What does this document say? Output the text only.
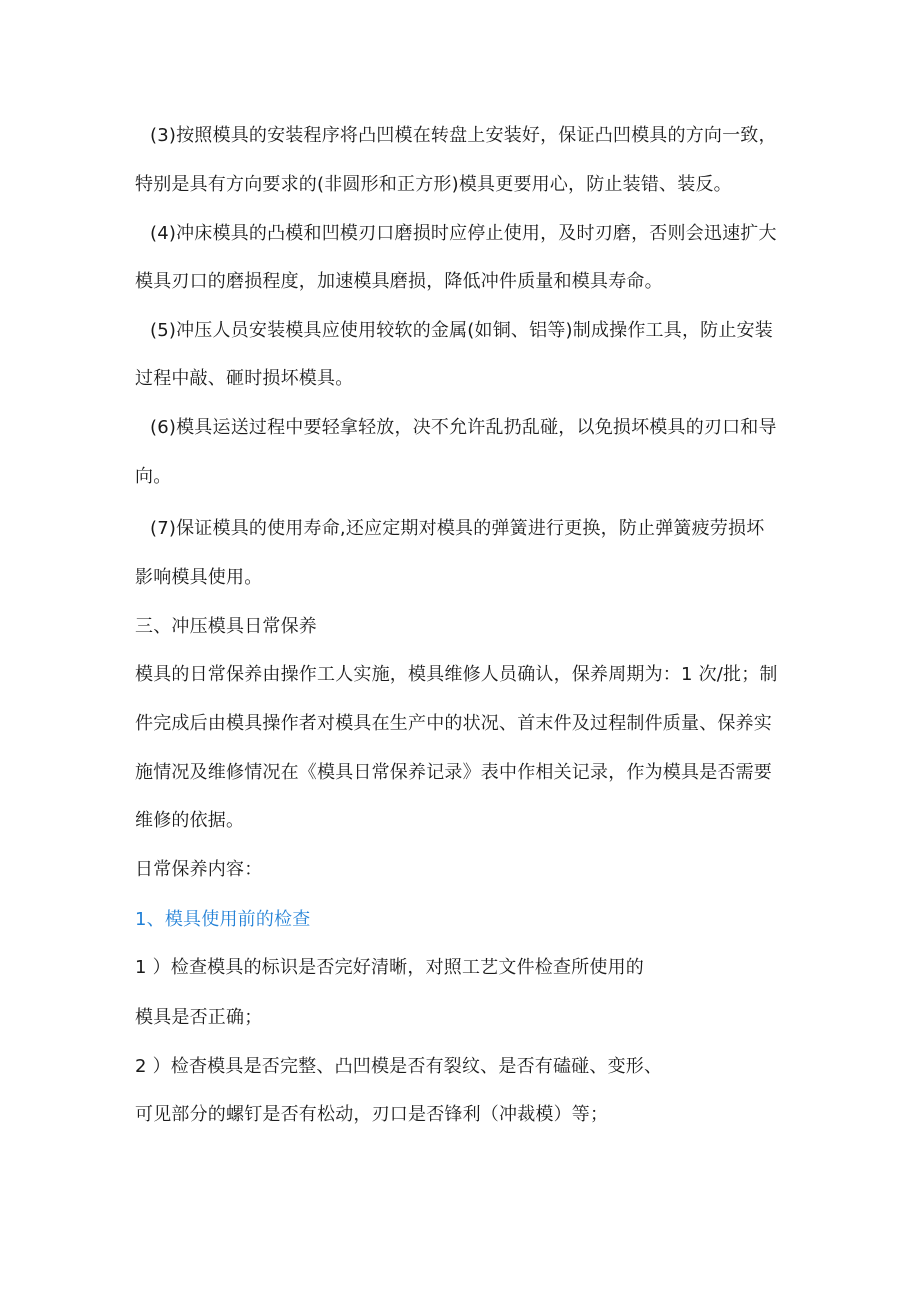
(3)按照模具的安装程序将凸凹模在转盘上安装好，保证凸凹模具的方向一致，
特别是具有方向要求的(非圆形和正方形)模具更要用心，防止装错、装反。
(4)冲床模具的凸模和凹模刃口磨损时应停止使用，及时刃磨，否则会迅速扩大
模具刃口的磨损程度，加速模具磨损，降低冲件质量和模具寿命。
(5)冲压人员安装模具应使用较软的金属(如铜、铝等)制成操作工具，防止安装
过程中敲、砸时损坏模具。
(6)模具运送过程中要轻拿轻放，决不允许乱扔乱碰，以免损坏模具的刃口和导
向。
(7)保证模具的使用寿命,还应定期对模具的弹簧进行更换，防止弹簧疲劳损坏
影响模具使用。
三、冲压模具日常保养
模具的日常保养由操作工人实施，模具维修人员确认，保养周期为：1 次/批；制
件完成后由模具操作者对模具在生产中的状况、首末件及过程制件质量、保养实
施情况及维修情况在《模具日常保养记录》表中作相关记录，作为模具是否需要
维修的依据。
日常保养内容：
1、模具使用前的检查
1 ）检查模具的标识是否完好清晰，对照工艺文件检查所使用的
模具是否正确；
2 ）检杳模具是否完整、凸凹模是否有裂纹、是否有磕碰、变形、
可见部分的螺钉是否有松动，刃口是否锋利（冲裁模）等；
